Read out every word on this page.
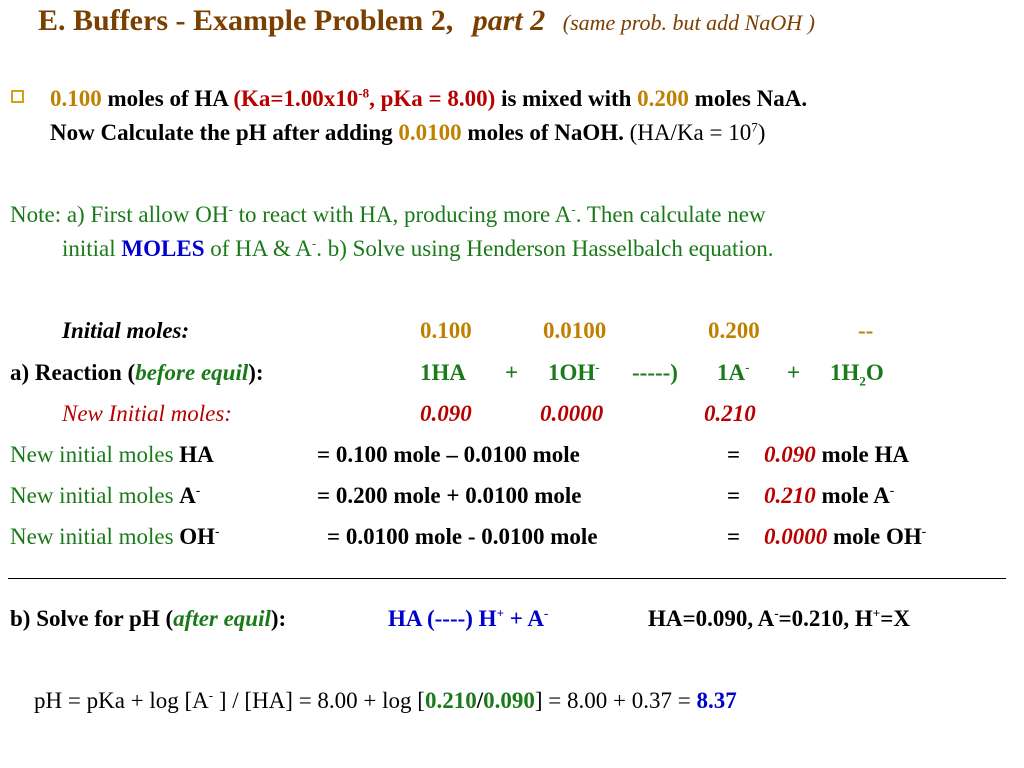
E. Buffers - Example Problem 2, part 2 (same prob. but add NaOH )
0.100 moles of HA ($Ka=1.00x10^{-8}$, pKa = 8.00) is mixed with 0.200 moles NaA.
Now Calculate the pH after adding 0.0100 moles of NaOH. $(HA/Ka = 10^7)$
Note: a) First allow OH- to react with HA, producing more A-. Then calculate new
initial MOLES of HA & A-. b) Solve using Henderson Hasselbalch equation.
Initial moles:	0.100	0.0100	0.200	--
a) Reaction (before equil):	1HA + 1OH- -----) $1A^- + 1H_2O$
New Initial moles:	0.090	0.0000	0.210
New initial moles HA	= 0.100 mole – 0.0100 mole	= 0.090 mole HA
New initial moles A-	= 0.200 mole + 0.0100 mole	= 0.210 mole A-
New initial moles OH-	= 0.0100 mole - 0.0100 mole	= 0.0000 mole OH-
b) Solve for pH (after equil):	HA (----) H+ + A-	HA=0.090, A-=0.210, H+=X
pH = pKa + log [A- ] / [HA] = 8.00 + log [0.210/0.090] = 8.00 + 0.37 = 8.37
